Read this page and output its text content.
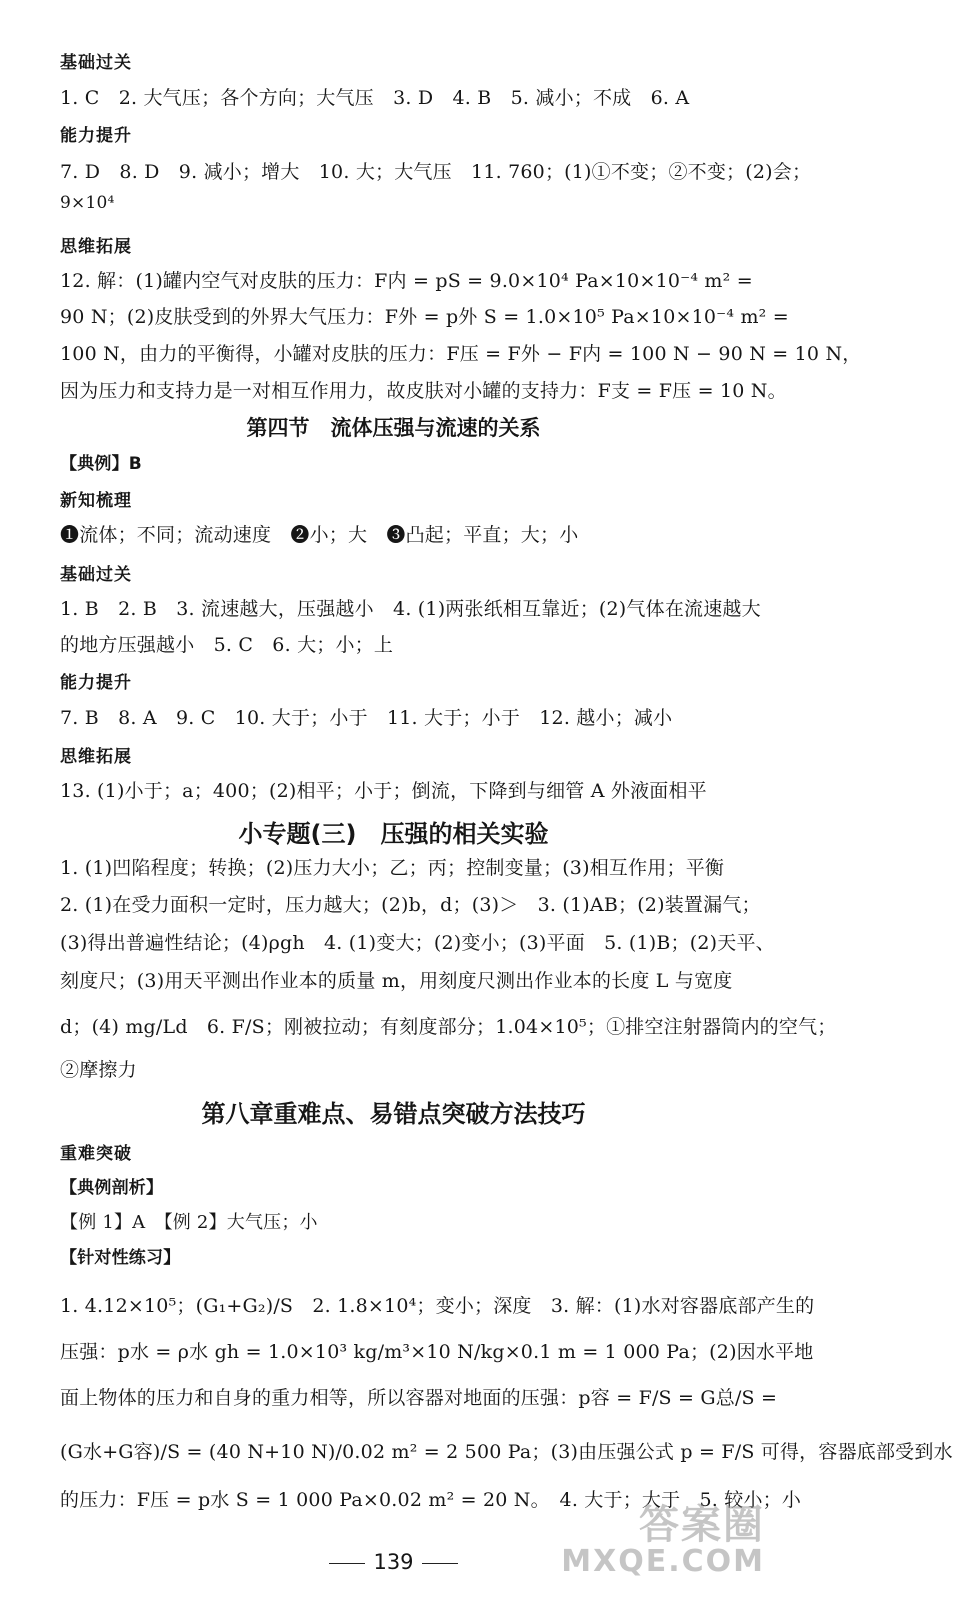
基础过关
1. C　2. 大气压；各个方向；大气压　3. D　4. B　5. 减小；不成　6. A
能力提升
7. D　8. D　9. 减小；增大　10. 大；大气压　11. 760；(1)①不变；②不变；(2)会；
9×10⁴
思维拓展
12. 解：(1)罐内空气对皮肤的压力：F内 = pS = 9.0×10⁴ Pa×10×10⁻⁴ m² =
90 N；(2)皮肤受到的外界大气压力：F外 = p外 S = 1.0×10⁵ Pa×10×10⁻⁴ m² =
100 N，由力的平衡得，小罐对皮肤的压力：F压 = F外 − F内 = 100 N − 90 N = 10 N，
因为压力和支持力是一对相互作用力，故皮肤对小罐的支持力：F支 = F压 = 10 N。
第四节　流体压强与流速的关系
【典例】B
新知梳理
❶流体；不同；流动速度　❷小；大　❸凸起；平直；大；小
基础过关
1. B　2. B　3. 流速越大，压强越小　4. (1)两张纸相互靠近；(2)气体在流速越大
的地方压强越小　5. C　6. 大；小；上
能力提升
7. B　8. A　9. C　10. 大于；小于　11. 大于；小于　12. 越小；减小
思维拓展
13. (1)小于；a；400；(2)相平；小于；倒流，下降到与细管 A 外液面相平
小专题(三)　压强的相关实验
1. (1)凹陷程度；转换；(2)压力大小；乙；丙；控制变量；(3)相互作用；平衡
2. (1)在受力面积一定时，压力越大；(2)b，d；(3)＞　3. (1)AB；(2)装置漏气；
(3)得出普遍性结论；(4)ρgh　4. (1)变大；(2)变小；(3)平面　5. (1)B；(2)天平、
刻度尺；(3)用天平测出作业本的质量 m，用刻度尺测出作业本的长度 L 与宽度
d；(4) mg/Ld　6. F/S；刚被拉动；有刻度部分；1.04×10⁵；①排空注射器筒内的空气；
②摩擦力
第八章重难点、易错点突破方法技巧
重难突破
【典例剖析】
【例 1】A　【例 2】大气压；小
【针对性练习】
1. 4.12×10⁵；(G₁+G₂)/S　2. 1.8×10⁴；变小；深度　3. 解：(1)水对容器底部产生的
压强：p水 = ρ水 gh = 1.0×10³ kg/m³×10 N/kg×0.1 m = 1 000 Pa；(2)因水平地
面上物体的压力和自身的重力相等，所以容器对地面的压强：p容 = F/S = G总/S =
(G水+G容)/S = (40 N+10 N)/0.02 m² = 2 500 Pa；(3)由压强公式 p = F/S 可得，容器底部受到水
的压力：F压 = p水 S = 1 000 Pa×0.02 m² = 20 N。　4. 大于；大于　5. 较小；小
139
答案圈
MXQE.COM
